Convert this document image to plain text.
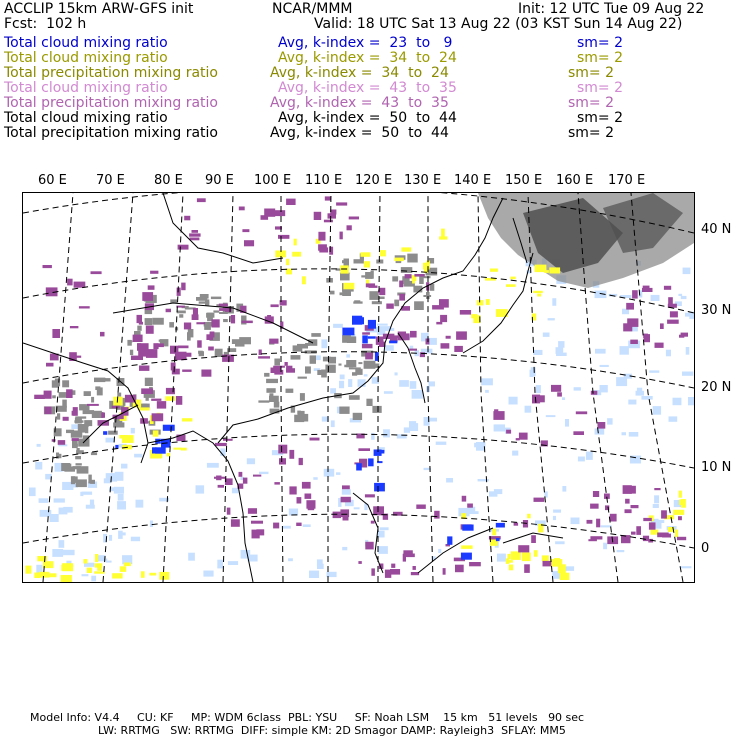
ACCLIP 15km ARW-GFS init	NCAR/MMM	Init: 12 UTC Tue 09 Aug 22
Fcst:  102 h	Valid: 18 UTC Sat 13 Aug 22 (03 KST Sun 14 Aug 22)
Total cloud mixing ratio	Avg, k-index =  23  to   9	sm= 2
Total cloud mixing ratio	Avg, k-index =  34  to  24	sm= 2
Total precipitation mixing ratio	Avg, k-index =  34  to  24	sm= 2
Total cloud mixing ratio	Avg, k-index =  43  to  35	sm= 2
Total precipitation mixing ratio	Avg, k-index =  43  to  35	sm= 2
Total cloud mixing ratio	Avg, k-index =  50  to  44	sm= 2
Total precipitation mixing ratio	Avg, k-index =  50  to  44	sm= 2
60 E 70 E 80 E 90 E 100 E 110 E 120 E 130 E 140 E 150 E 160 E 170 E
40 N
30 N
20 N
10 N
0
Model Info: V4.4     CU: KF     MP: WDM 6class  PBL: YSU     SF: Noah LSM    15 km   51 levels   90 sec
LW: RRTMG   SW: RRTMG  DIFF: simple KM: 2D Smagor DAMP: Rayleigh3  SFLAY: MM5
